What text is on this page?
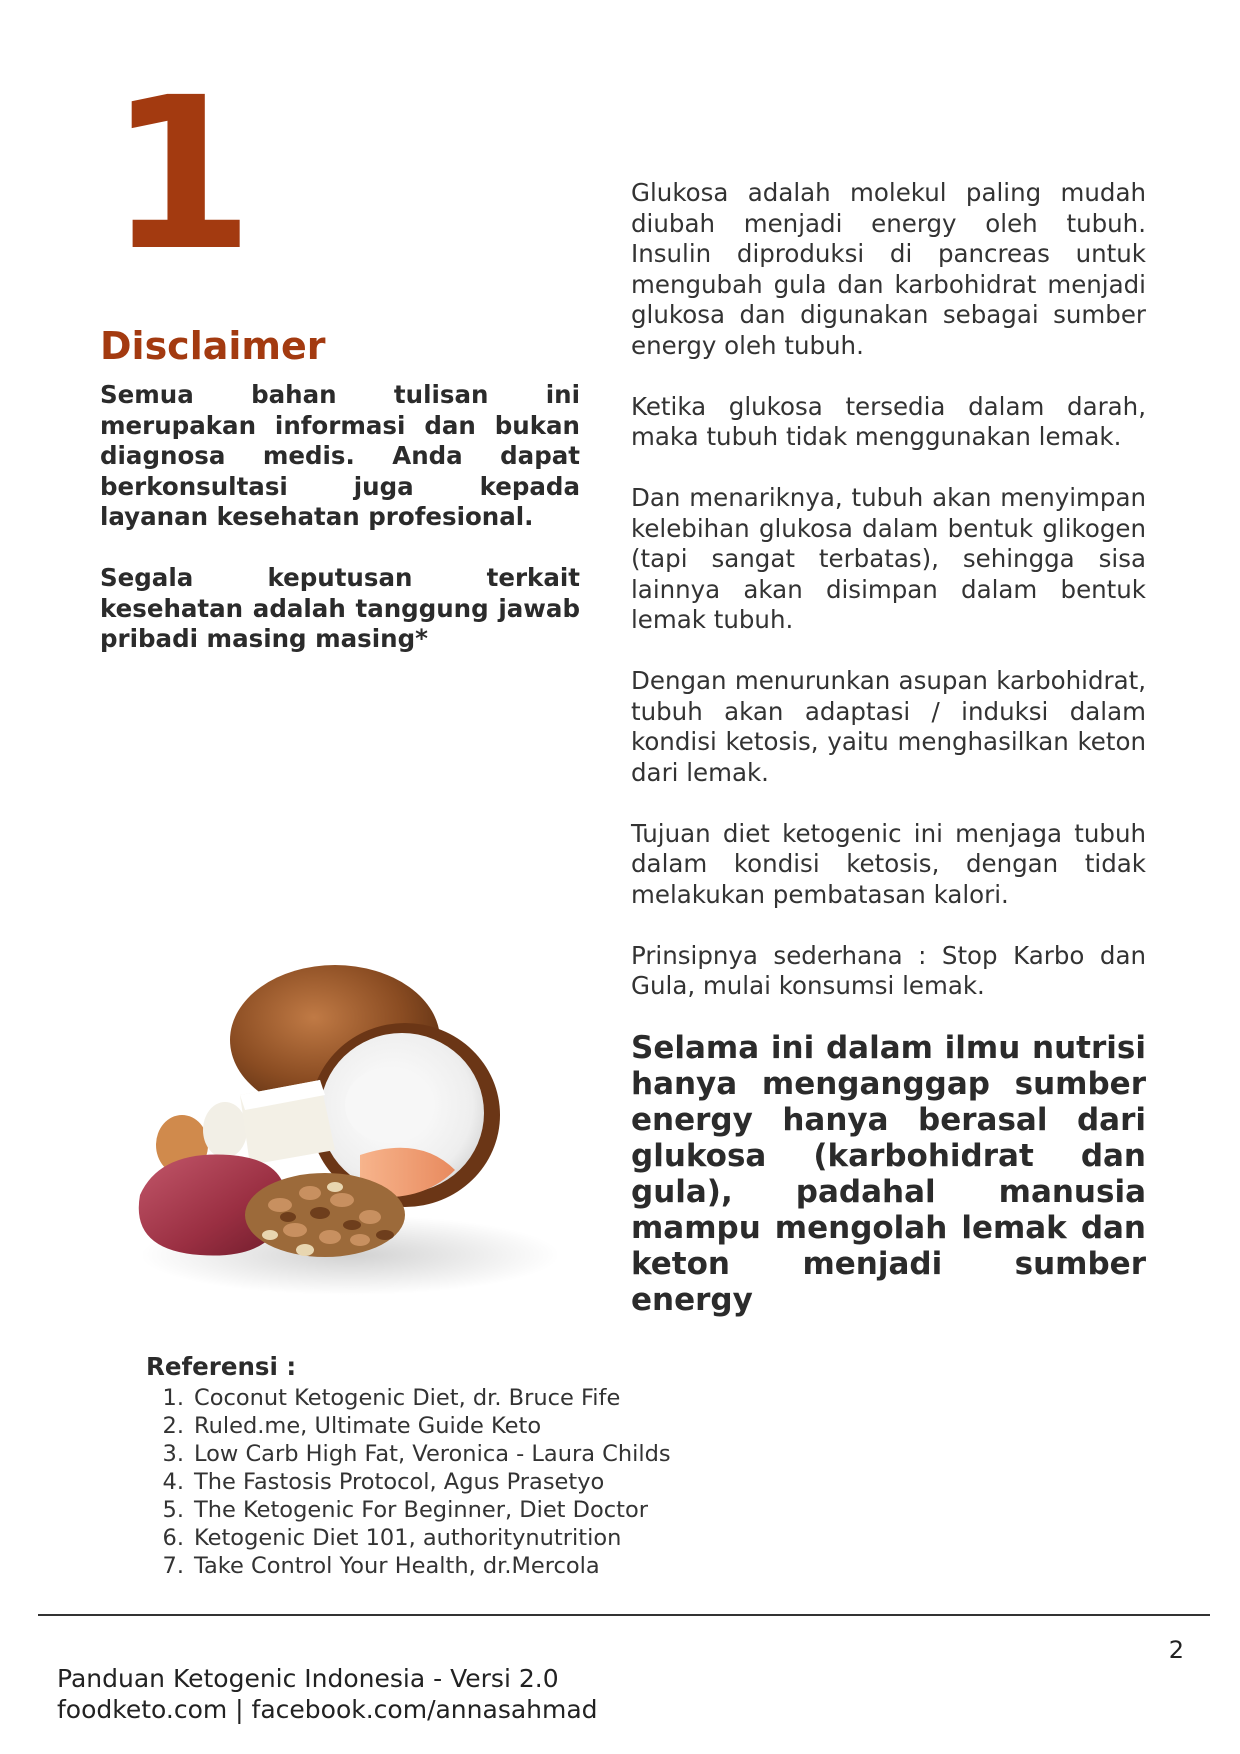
1
Disclaimer

Semua bahan tulisan ini merupakan informasi dan bukan diagnosa medis. Anda dapat berkonsultasi juga kepada layanan kesehatan profesional.

Segala keputusan terkait kesehatan adalah tanggung jawab pribadi masing masing*

Glukosa adalah molekul paling mudah diubah menjadi energy oleh tubuh. Insulin diproduksi di pancreas untuk mengubah gula dan karbohidrat menjadi glukosa dan digunakan sebagai sumber energy oleh tubuh.

Ketika glukosa tersedia dalam darah, maka tubuh tidak menggunakan lemak.

Dan menariknya, tubuh akan menyimpan kelebihan glukosa dalam bentuk glikogen (tapi sangat terbatas), sehingga sisa lainnya akan disimpan dalam bentuk lemak tubuh.

Dengan menurunkan asupan karbohidrat, tubuh akan adaptasi / induksi dalam kondisi ketosis, yaitu menghasilkan keton dari lemak.

Tujuan diet ketogenic ini menjaga tubuh dalam kondisi ketosis, dengan tidak melakukan pembatasan kalori.

Prinsipnya sederhana : Stop Karbo dan Gula, mulai konsumsi lemak.

Selama ini dalam ilmu nutrisi hanya menganggap sumber energy hanya berasal dari glukosa (karbohidrat dan gula), padahal manusia mampu mengolah lemak dan keton menjadi sumber energy
Referensi :
1. Coconut Ketogenic Diet, dr. Bruce Fife
2. Ruled.me, Ultimate Guide Keto
3. Low Carb High Fat, Veronica - Laura Childs
4. The Fastosis Protocol, Agus Prasetyo
5. The Ketogenic For Beginner, Diet Doctor
6. Ketogenic Diet 101, authoritynutrition
7. Take Control Your Health, dr.Mercola
2
Panduan Ketogenic Indonesia - Versi 2.0
foodketo.com | facebook.com/annasahmad
